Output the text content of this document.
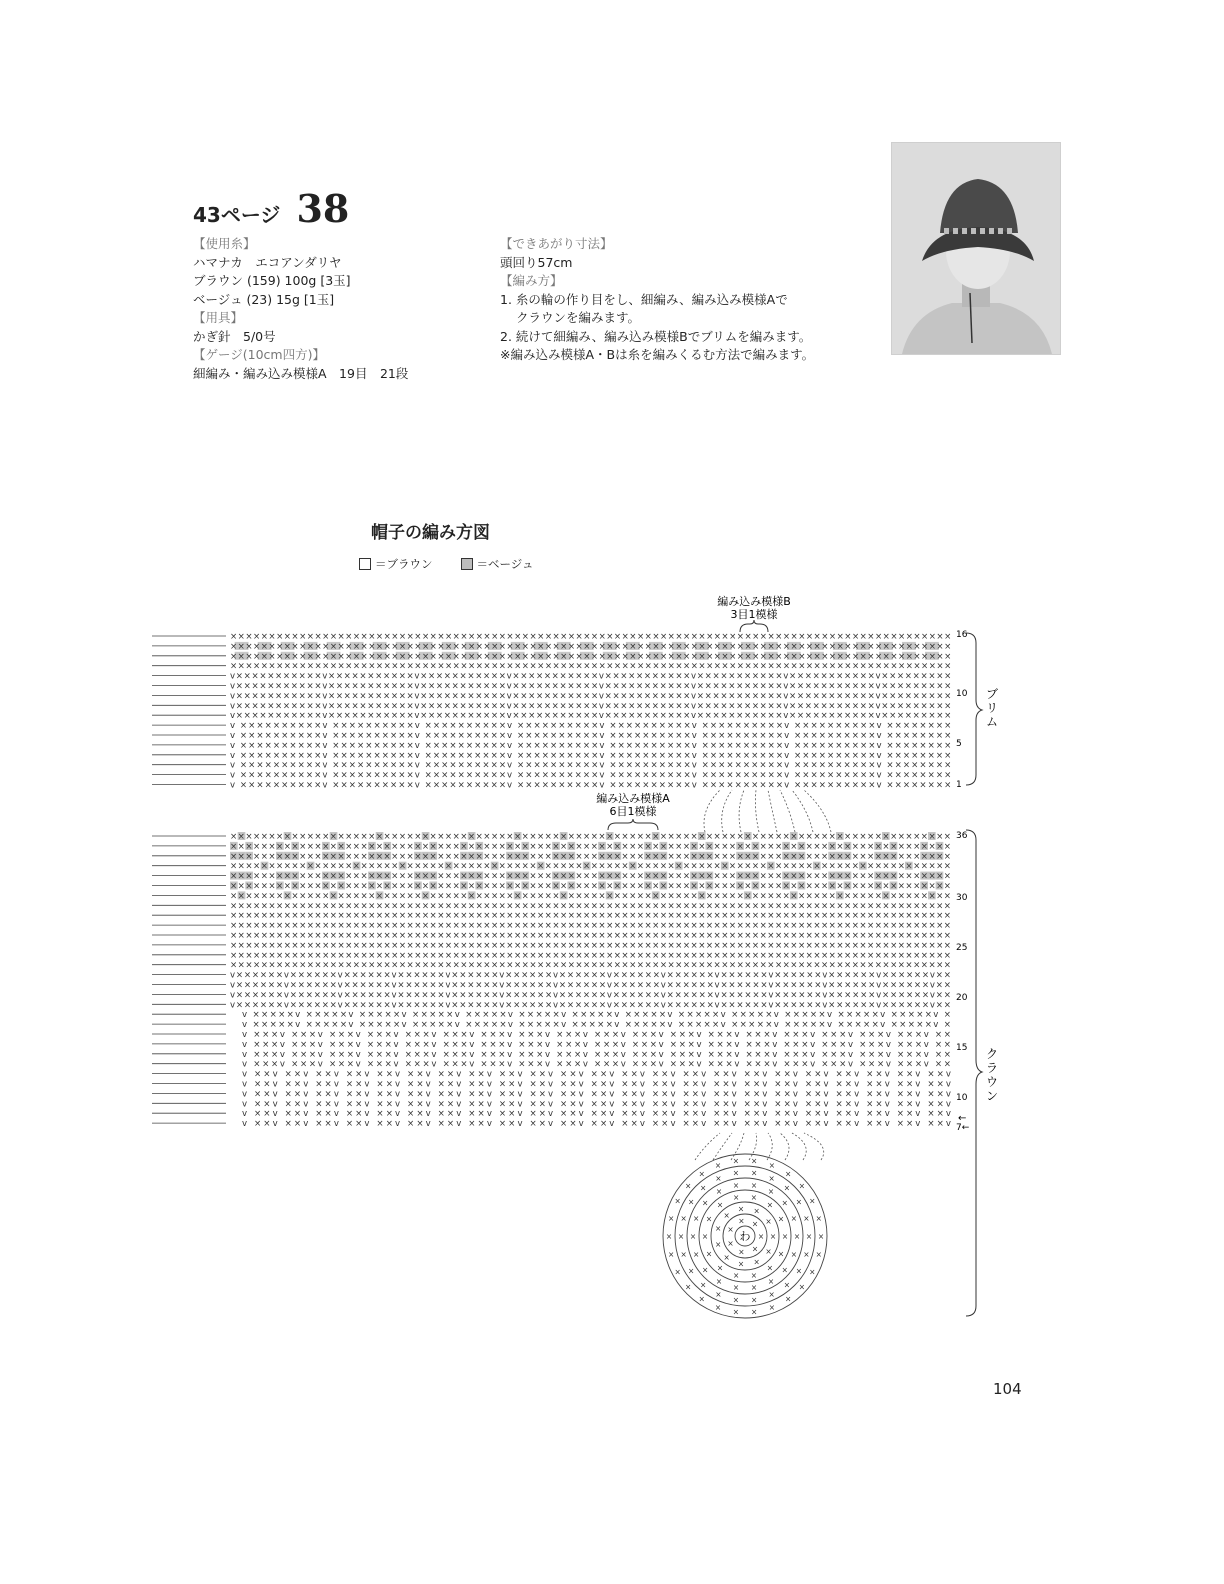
43ページ 38
【使用糸】
ハマナカ　エコアンダリヤ
ブラウン (159) 100g [3玉]
ベージュ (23) 15g [1玉]
【用具】
かぎ針　5/0号
【ゲージ(10cm四方)】
細編み・編み込み模様A　19目　21段
【できあがり寸法】
頭回り57cm
【編み方】
1. 糸の輪の作り目をし、細編み、編み込み模様Aで
クラウンを編みます。
2. 続けて細編み、編み込み模様Bでブリムを編みます。
※編み込み模様A・Bは糸を編みくるむ方法で編みます。
帽子の編み方図
＝ブラウン	＝ベージュ
××××××××××××××××××××××××××××××××××××××××××××××××××××××××××××××××××××××××××××××××××××××××××××××
××××××××××××××××××××××××××××××××××××××××××××××××××××××××××××××××××××××××××××××××××××××××××××××
××××××××××××××××××××××××××××××××××××××××××××××××××××××××××××××××××××××××××××××××××××××××××××××
××××××××××××××××××××××××××××××××××××××××××××××××××××××××××××××××××××××××××××××××××××××××××××××
v×××××××××××v×××××××××××v×××××××××××v×××××××××××v×××××××××××v×××××××××××v×××××××××××v×××××××××
v×××××××××××v×××××××××××v×××××××××××v×××××××××××v×××××××××××v×××××××××××v×××××××××××v×××××××××
v×××××××××××v×××××××××××v×××××××××××v×××××××××××v×××××××××××v×××××××××××v×××××××××××v×××××××××
v×××××××××××v×××××××××××v×××××××××××v×××××××××××v×××××××××××v×××××××××××v×××××××××××v×××××××××
v×××××××××××v×××××××××××v×××××××××××v×××××××××××v×××××××××××v×××××××××××v×××××××××××v×××××××××
v ××××××××××v ××××××××××v ××××××××××v ××××××××××v ××××××××××v ××××××××××v ××××××××××v ××××××××
v ××××××××××v ××××××××××v ××××××××××v ××××××××××v ××××××××××v ××××××××××v ××××××××××v ××××××××
v ××××××××××v ××××××××××v ××××××××××v ××××××××××v ××××××××××v ××××××××××v ××××××××××v ××××××××
v ××××××××××v ××××××××××v ××××××××××v ××××××××××v ××××××××××v ××××××××××v ××××××××××v ××××××××
v ××××××××××v ××××××××××v ××××××××××v ××××××××××v ××××××××××v ××××××××××v ××××××××××v ××××××××
v ××××××××××v ××××××××××v ××××××××××v ××××××××××v ××××××××××v ××××××××××v ××××××××××v ××××××××
v ××××××××××v ××××××××××v ××××××××××v ××××××××××v ××××××××××v ××××××××××v ××××××××××v ××××××××
××××××××××××××××××××××××××××××××××××××××××××××××××××××××××××××××××××××××××××××××××××××××××××××
××××××××××××××××××××××××××××××××××××××××××××××××××××××××××××××××××××××××××××××××××××××××××××××
××××××××××××××××××××××××××××××××××××××××××××××××××××××××××××××××××××××××××××××××××××××××××××××
××××××××××××××××××××××××××××××××××××××××××××××××××××××××××××××××××××××××××××××××××××××××××××××
××××××××××××××××××××××××××××××××××××××××××××××××××××××××××××××××××××××××××××××××××××××××××××××
××××××××××××××××××××××××××××××××××××××××××××××××××××××××××××××××××××××××××××××××××××××××××××××
××××××××××××××××××××××××××××××××××××××××××××××××××××××××××××××××××××××××××××××××××××××××××××××
××××××××××××××××××××××××××××××××××××××××××××××××××××××××××××××××××××××××××××××××××××××××××××××
××××××××××××××××××××××××××××××××××××××××××××××××××××××××××××××××××××××××××××××××××××××××××××××
××××××××××××××××××××××××××××××××××××××××××××××××××××××××××××××××××××××××××××××××××××××××××××××
××××××××××××××××××××××××××××××××××××××××××××××××××××××××××××××××××××××××××××××××××××××××××××××
××××××××××××××××××××××××××××××××××××××××××××××××××××××××××××××××××××××××××××××××××××××××××××××
××××××××××××××××××××××××××××××××××××××××××××××××××××××××××××××××××××××××××××××××××××××××××××××
××××××××××××××××××××××××××××××××××××××××××××××××××××××××××××××××××××××××××××××××××××××××××××××
v××××××v××××××v××××××v××××××v××××××v××××××v××××××v××××××v××××××v××××××v××××××v××××××v××××××v××
v××××××v××××××v××××××v××××××v××××××v××××××v××××××v××××××v××××××v××××××v××××××v××××××v××××××v××
v××××××v××××××v××××××v××××××v××××××v××××××v××××××v××××××v××××××v××××××v××××××v××××××v××××××v××
v××××××v××××××v××××××v××××××v××××××v××××××v××××××v××××××v××××××v××××××v××××××v××××××v××××××v××
v ×××××v ×××××v ×××××v ×××××v ×××××v ×××××v ×××××v ×××××v ×××××v ×××××v ×××××v ×××××v ×××××v ×
v ×××××v ×××××v ×××××v ×××××v ×××××v ×××××v ×××××v ×××××v ×××××v ×××××v ×××××v ×××××v ×××××v ×
v ×××v ×××v ×××v ×××v ×××v ×××v ×××v ×××v ×××v ×××v ×××v ×××v ×××v ×××v ×××v ×××v ×××v ×××v ××
v ×××v ×××v ×××v ×××v ×××v ×××v ×××v ×××v ×××v ×××v ×××v ×××v ×××v ×××v ×××v ×××v ×××v ×××v ××
v ×××v ×××v ×××v ×××v ×××v ×××v ×××v ×××v ×××v ×××v ×××v ×××v ×××v ×××v ×××v ×××v ×××v ×××v ××
v ×××v ×××v ×××v ×××v ×××v ×××v ×××v ×××v ×××v ×××v ×××v ×××v ×××v ×××v ×××v ×××v ×××v ×××v ××
v ××v ××v ××v ××v ××v ××v ××v ××v ××v ××v ××v ××v ××v ××v ××v ××v ××v ××v ××v ××v ××v ××v ××v
v ××v ××v ××v ××v ××v ××v ××v ××v ××v ××v ××v ××v ××v ××v ××v ××v ××v ××v ××v ××v ××v ××v ××v
v ××v ××v ××v ××v ××v ××v ××v ××v ××v ××v ××v ××v ××v ××v ××v ××v ××v ××v ××v ××v ××v ××v ××v
v ××v ××v ××v ××v ××v ××v ××v ××v ××v ××v ××v ××v ××v ××v ××v ××v ××v ××v ××v ××v ××v ××v ××v
v ××v ××v ××v ××v ××v ××v ××v ××v ××v ××v ××v ××v ××v ××v ××v ××v ××v ××v ××v ××v ××v ××v ××v
v ××v ××v ××v ××v ××v ××v ××v ××v ××v ××v ××v ××v ××v ××v ××v ××v ××v ××v ××v ××v ××v ××v ××v
×
×
×
×
×
×
×
×
×
×
×
×
×
×
×
×
×
×
× × × ×
×
×
×
×
×
×
×
×
×
×
×
×
×
×
×
×
×
×
×
×
× ×
×
×
×
×
×
×
×
×
×
×
×
×
×
×
×
×
×
× ×
×
×
×
×
×
×
×
×
×
×
×
×
×
× ×
×
×
×
×
×
×
×
×
×
×
× ×
×
×
×
×
×
×
× ×
編み込み模様B
3目1模様
編み込み模様A
6目1模様
ブ リ ム
ク ラ ウ ン
16
10
5
1
36
30
25
20
15
10
7←
←
わ
104
